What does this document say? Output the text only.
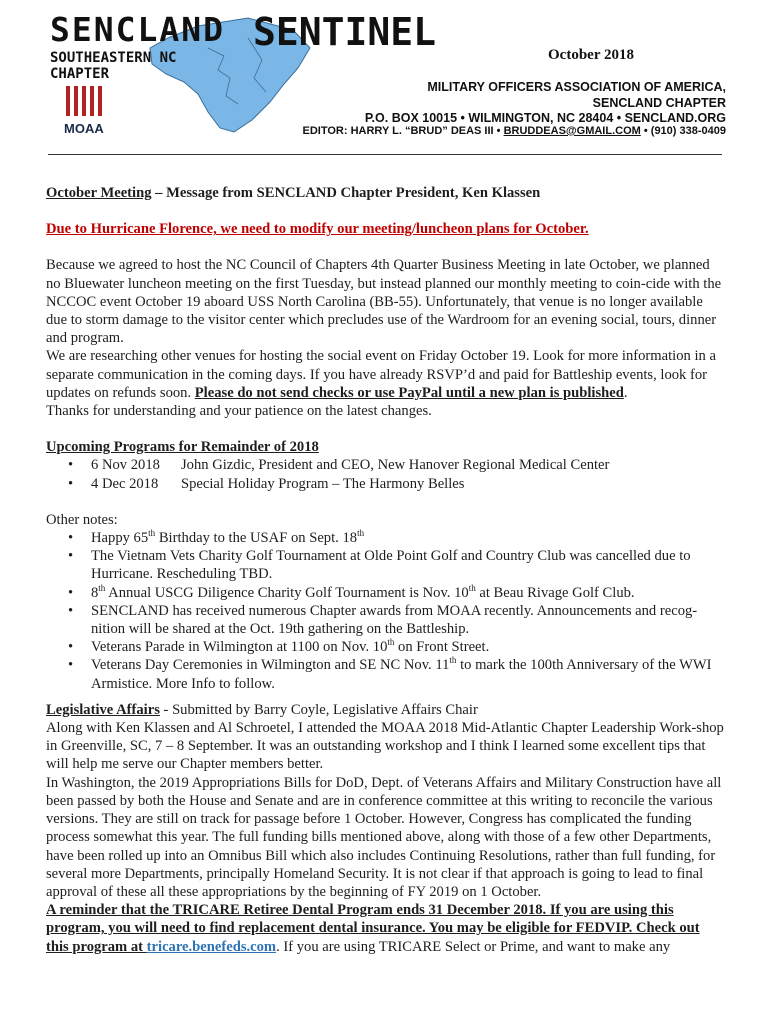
SENCLAND SENTINEL
SOUTHEASTERN NC
CHAPTER
MOAA
October 2018
MILITARY OFFICERS ASSOCIATION OF AMERICA,
SENCLAND CHAPTER
P.O. BOX 10015 • WILMINGTON, NC 28404 • SENCLAND.ORG
EDITOR: HARRY L. “BRUD” DEAS III • BRUDDEAS@GMAIL.COM • (910) 338-0409

October Meeting – Message from SENCLAND Chapter President, Ken Klassen

Due to Hurricane Florence, we need to modify our meeting/luncheon plans for October.

Because we agreed to host the NC Council of Chapters 4th Quarter Business Meeting in late October, we planned no Bluewater luncheon meeting on the first Tuesday, but instead planned our monthly meeting to coin-cide with the NCCOC event October 19 aboard USS North Carolina (BB-55). Unfortunately, that venue is no longer available due to storm damage to the visitor center which precludes use of the Wardroom for an evening social, tours, dinner and program.

We are researching other venues for hosting the social event on Friday October 19. Look for more information in a separate communication in the coming days. If you have already RSVP’d and paid for Battleship events, look for updates on refunds soon. Please do not send checks or use PayPal until a new plan is published.

Thanks for understanding and your patience on the latest changes.

Upcoming Programs for Remainder of 2018

• 6 Nov 2018 John Gizdic, President and CEO, New Hanover Regional Medical Center
• 4 Dec 2018 Special Holiday Program – The Harmony Belles

Other notes:

• Happy 65th Birthday to the USAF on Sept. 18th
• The Vietnam Vets Charity Golf Tournament at Olde Point Golf and Country Club was cancelled due to Hurricane. Rescheduling TBD.
• 8th Annual USCG Diligence Charity Golf Tournament is Nov. 10th at Beau Rivage Golf Club.
• SENCLAND has received numerous Chapter awards from MOAA recently. Announcements and recog-nition will be shared at the Oct. 19th gathering on the Battleship.
• Veterans Parade in Wilmington at 1100 on Nov. 10th on Front Street.
• Veterans Day Ceremonies in Wilmington and SE NC Nov. 11th to mark the 100th Anniversary of the WWI Armistice. More Info to follow.

Legislative Affairs - Submitted by Barry Coyle, Legislative Affairs Chair

Along with Ken Klassen and Al Schroetel, I attended the MOAA 2018 Mid-Atlantic Chapter Leadership Work-shop in Greenville, SC, 7 – 8 September. It was an outstanding workshop and I think I learned some excellent tips that will help me serve our Chapter members better.

In Washington, the 2019 Appropriations Bills for DoD, Dept. of Veterans Affairs and Military Construction have all been passed by both the House and Senate and are in conference committee at this writing to reconcile the various versions. They are still on track for passage before 1 October. However, Congress has complicated the funding process somewhat this year. The full funding bills mentioned above, along with those of a few other Departments, have been rolled up into an Omnibus Bill which also includes Continuing Resolutions, rather than full funding, for several more Departments, principally Homeland Security. It is not clear if that approach is going to lead to final approval of these all these appropriations by the beginning of FY 2019 on 1 October.

A reminder that the TRICARE Retiree Dental Program ends 31 December 2018. If you are using this program, you will need to find replacement dental insurance. You may be eligible for FEDVIP. Check out this program at tricare.benefeds.com. If you are using TRICARE Select or Prime, and want to make any
